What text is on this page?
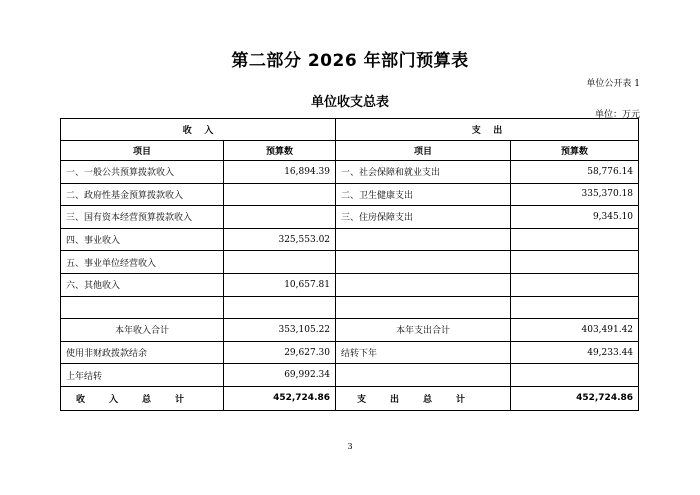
第二部分 2026 年部门预算表
单位公开表 1
单位收支总表
单位：万元
收    入		支    出	
项目	预算数	项目	预算数
一、一般公共预算拨款收入	16,894.39	一、社会保障和就业支出	58,776.14
二、政府性基金预算拨款收入		二、卫生健康支出	335,370.18
三、国有资本经营预算拨款收入		三、住房保障支出	9,345.10
四、事业收入	325,553.02		
五、事业单位经营收入			
六、其他收入	10,657.81		

本年收入合计	353,105.22	本年支出合计	403,491.42
使用非财政拨款结余	29,627.30	结转下年	49,233.44
上年结转	69,992.34		
收入总计	452,724.86	支出总计	452,724.86
3
